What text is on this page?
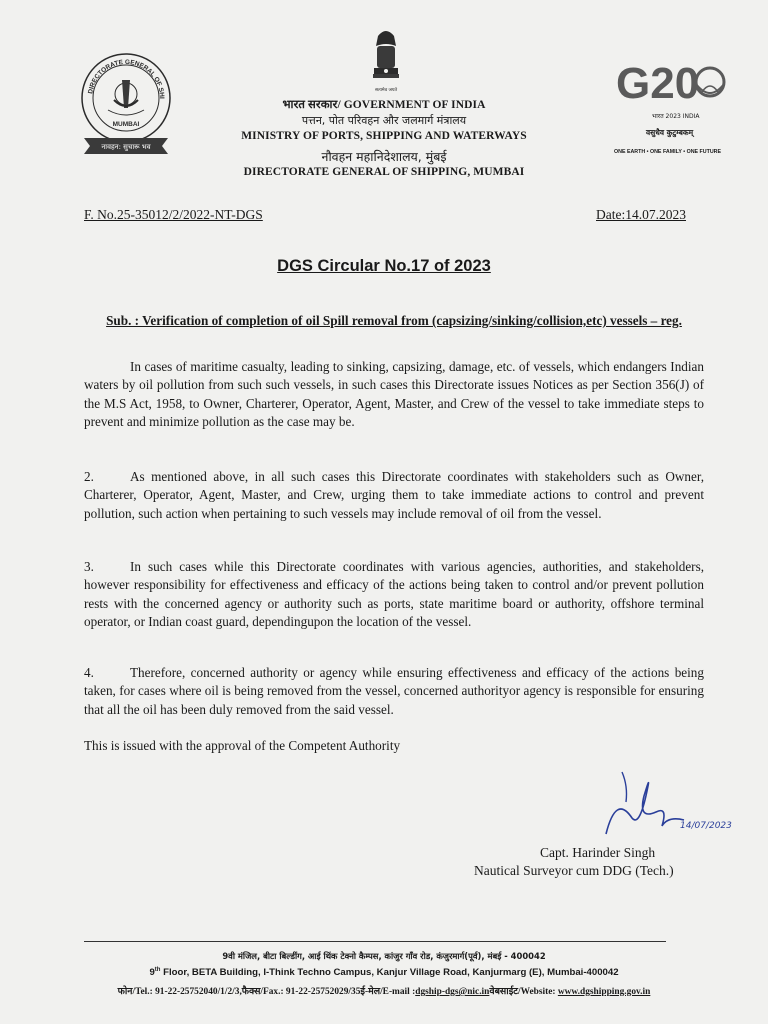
DIRECTORATE GENERAL OF SHI
MUMBAI
नावहन: सुचारू भव
सत्यमेव जयते
भारत सरकार/ GOVERNMENT OF INDIA
पत्तन, पोत परिवहन और जलमार्ग मंत्रालय
MINISTRY OF PORTS, SHIPPING AND WATERWAYS
नौवहन महानिदेशालय, मुंबई
DIRECTORATE GENERAL OF SHIPPING, MUMBAI
G20
भारत 2023 INDIA
वसुधैव कुटुम्बकम्
ONE EARTH • ONE FAMILY • ONE FUTURE
F. No.25-35012/2/2022-NT-DGS	Date:14.07.2023
DGS Circular No.17 of 2023
Sub. : Verification of completion of oil Spill removal from (capsizing/sinking/collision,etc) vessels – reg.
In cases of maritime casualty, leading to sinking, capsizing, damage, etc. of vessels, which endangers Indian waters by oil pollution from such such vessels, in such cases this Directorate issues Notices as per Section 356(J) of the M.S Act, 1958, to Owner, Charterer, Operator, Agent, Master, and Crew of the vessel to take immediate steps to prevent and minimize pollution as the case may be.
2.	As mentioned above, in all such cases this Directorate coordinates with stakeholders such as Owner, Charterer, Operator, Agent, Master, and Crew, urging them to take immediate actions to control and prevent pollution, such action when pertaining to such vessels may include removal of oil from the vessel.
3.	In such cases while this Directorate coordinates with various agencies, authorities, and stakeholders, however responsibility for effectiveness and efficacy of the actions being taken to control and/or prevent pollution rests with the concerned agency or authority such as ports, state maritime board or authority, offshore terminal operator, or Indian coast guard, dependingupon the location of the vessel.
4.	Therefore, concerned authority or agency while ensuring effectiveness and efficacy of the actions being taken, for cases where oil is being removed from the vessel, concerned authorityor agency is responsible for ensuring that all the oil has been duly removed from the said vessel.
This is issued with the approval of the Competent Authority
14/07/2023
Capt. Harinder Singh
Nautical Surveyor cum DDG (Tech.)
9वी मंजिल, बीटा बिल्डींग, आई थिंक टेक्नो कैम्पस, कांजुर गाँव रोड, कंजुरमार्ग(पूर्व), मंबई - 400042
9th Floor, BETA Building, I-Think Techno Campus, Kanjur Village Road, Kanjurmarg (E), Mumbai-400042
फोन/Tel.: 91-22-25752040/1/2/3,फैक्स/Fax.: 91-22-25752029/35ई-मेल/E-mail :dgship-dgs@nic.inवेबसाईट/Website: www.dgshipping.gov.in
